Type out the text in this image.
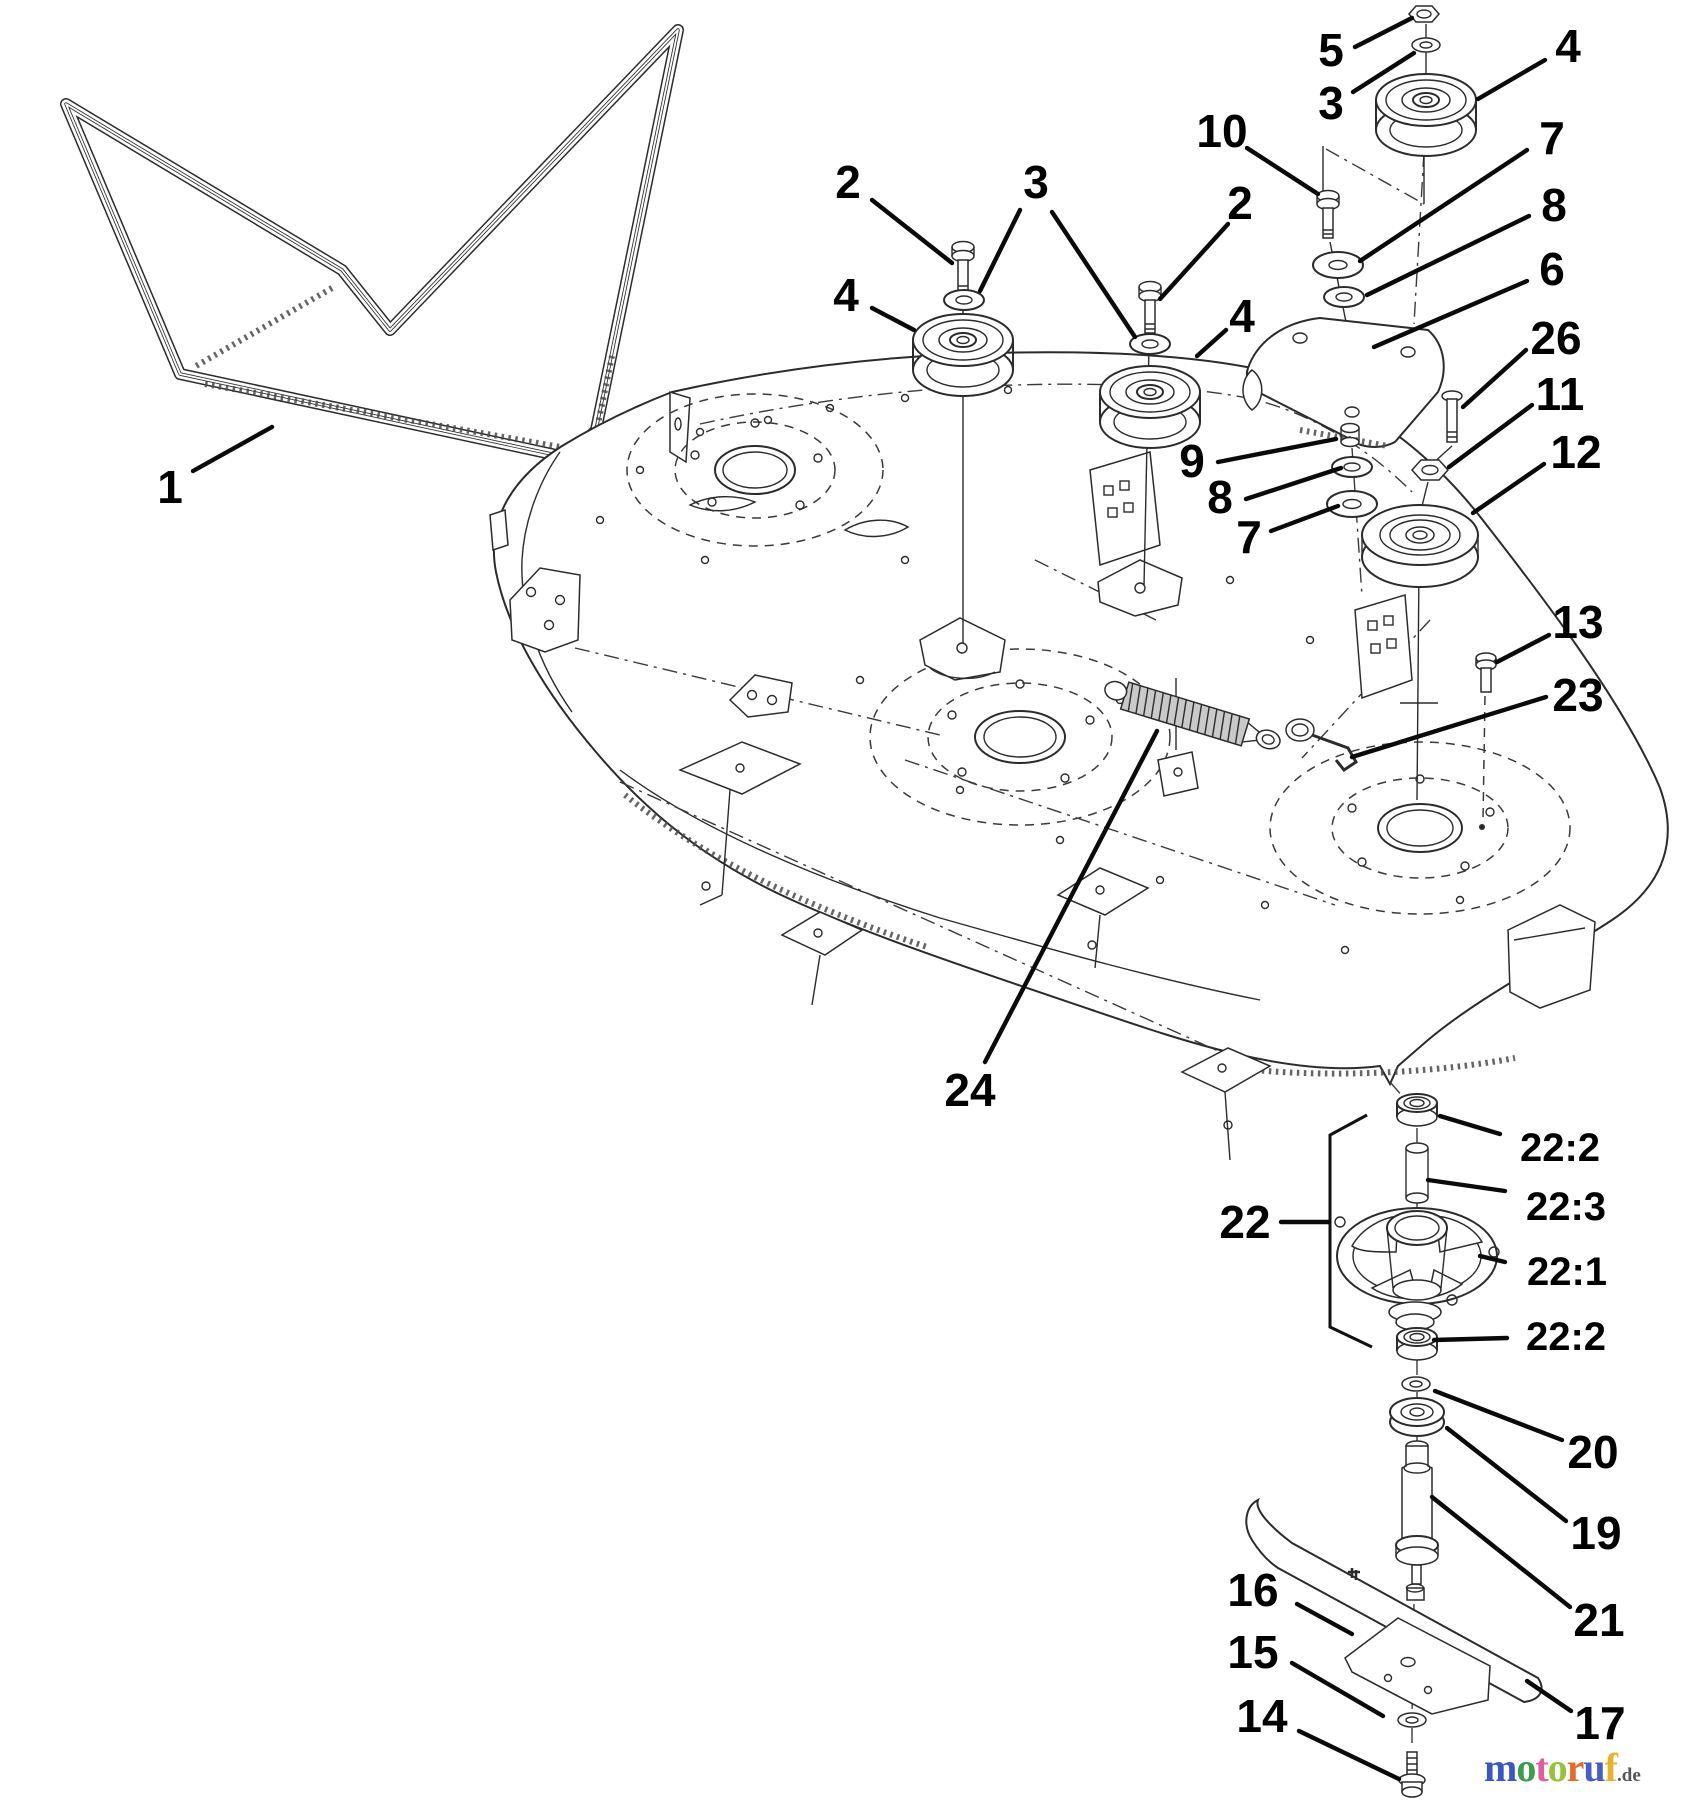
1
2	3
4
2
4
5
3
4
10	7
8
6
26
11
12
13
23
9
8
7
24
22
22:2
22:3
22:1
22:2
20
19
21
16
15
14	17
motoruf.de
